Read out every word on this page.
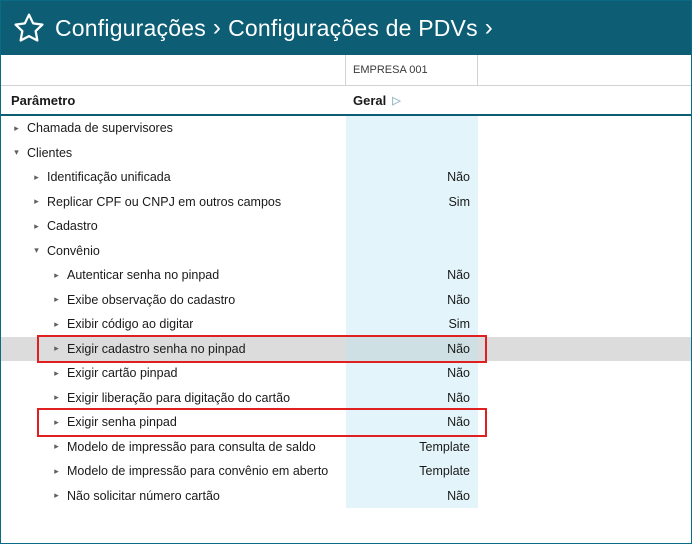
Configurações › Configurações de PDVs ›
EMPRESA 001
Parâmetro	Geral ▷
▸ Chamada de supervisores
▾ Clientes
▸ Identificação unificada	Não
▸ Replicar CPF ou CNPJ em outros campos	Sim
▸ Cadastro
▾ Convênio
▸ Autenticar senha no pinpad	Não
▸ Exibe observação do cadastro	Não
▸ Exibir código ao digitar	Sim
▸ Exigir cadastro senha no pinpad	Não
▸ Exigir cartão pinpad	Não
▸ Exigir liberação para digitação do cartão	Não
▸ Exigir senha pinpad	Não
▸ Modelo de impressão para consulta de saldo	Template
▸ Modelo de impressão para convênio em aberto	Template
▸ Não solicitar número cartão	Não
